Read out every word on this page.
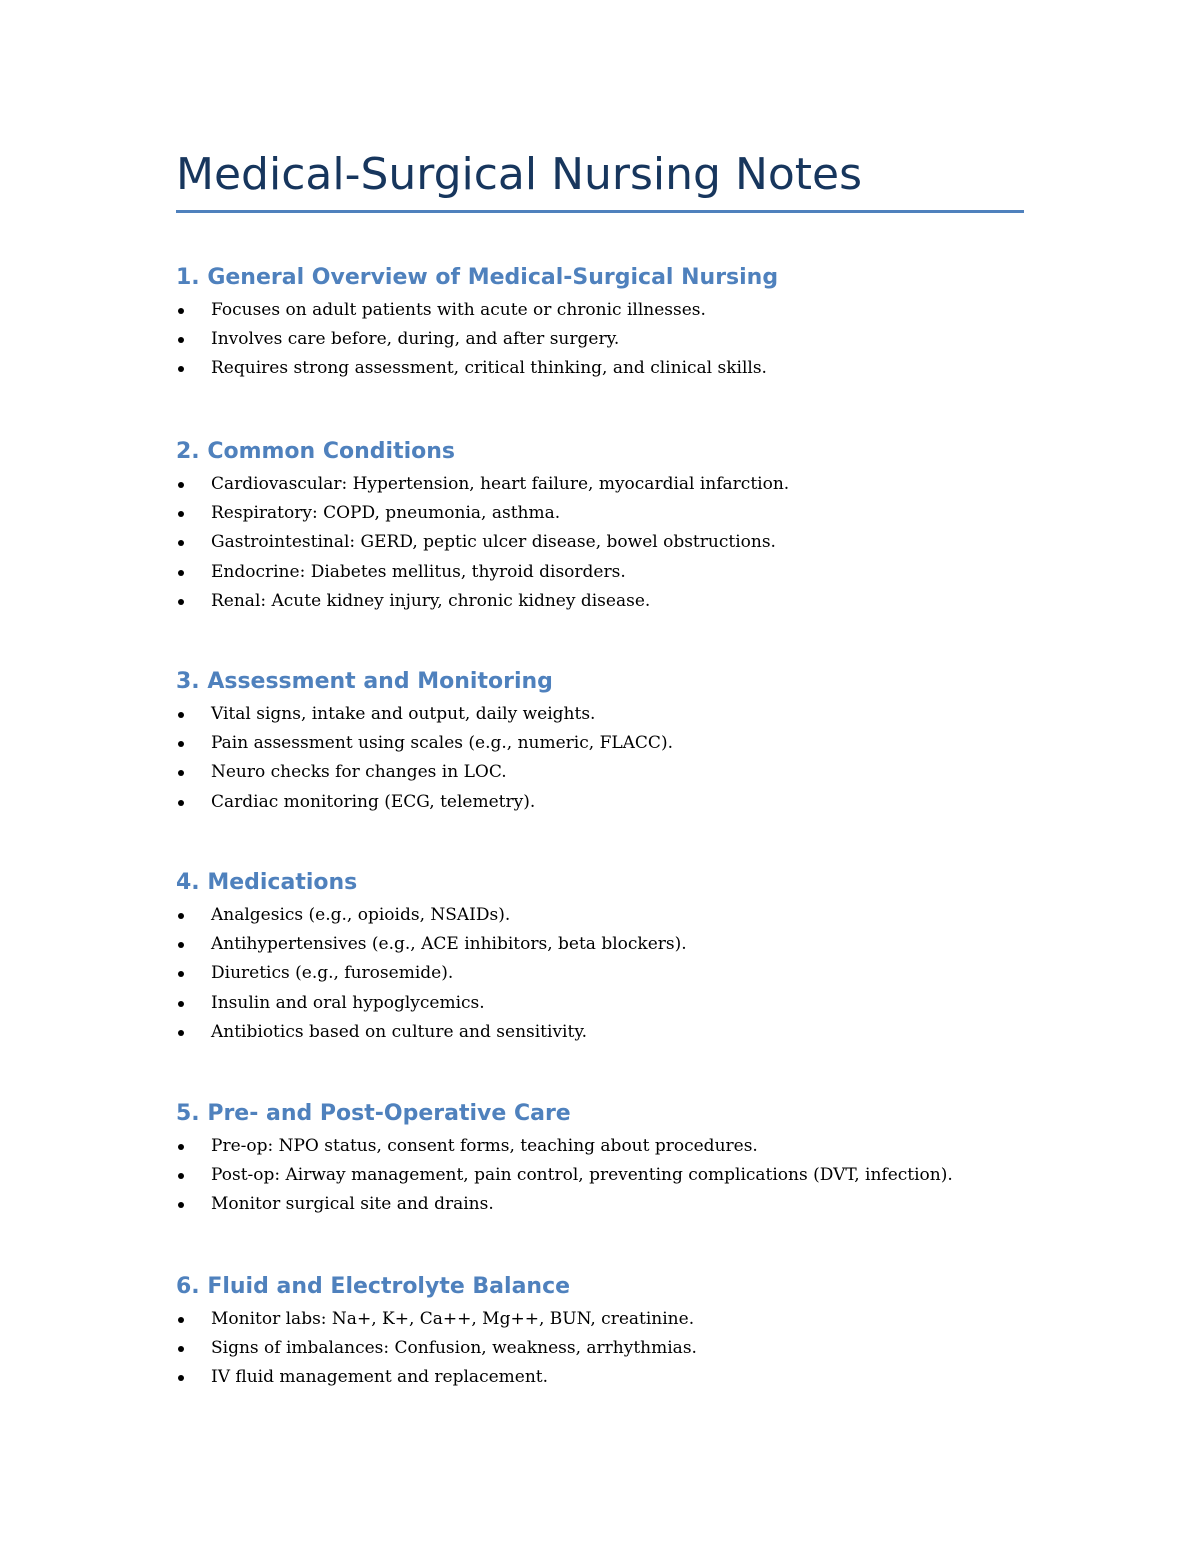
Medical-Surgical Nursing Notes
1. General Overview of Medical-Surgical Nursing
Focuses on adult patients with acute or chronic illnesses.
Involves care before, during, and after surgery.
Requires strong assessment, critical thinking, and clinical skills.
2. Common Conditions
Cardiovascular: Hypertension, heart failure, myocardial infarction.
Respiratory: COPD, pneumonia, asthma.
Gastrointestinal: GERD, peptic ulcer disease, bowel obstructions.
Endocrine: Diabetes mellitus, thyroid disorders.
Renal: Acute kidney injury, chronic kidney disease.
3. Assessment and Monitoring
Vital signs, intake and output, daily weights.
Pain assessment using scales (e.g., numeric, FLACC).
Neuro checks for changes in LOC.
Cardiac monitoring (ECG, telemetry).
4. Medications
Analgesics (e.g., opioids, NSAIDs).
Antihypertensives (e.g., ACE inhibitors, beta blockers).
Diuretics (e.g., furosemide).
Insulin and oral hypoglycemics.
Antibiotics based on culture and sensitivity.
5. Pre- and Post-Operative Care
Pre-op: NPO status, consent forms, teaching about procedures.
Post-op: Airway management, pain control, preventing complications (DVT, infection).
Monitor surgical site and drains.
6. Fluid and Electrolyte Balance
Monitor labs: Na+, K+, Ca++, Mg++, BUN, creatinine.
Signs of imbalances: Confusion, weakness, arrhythmias.
IV fluid management and replacement.
